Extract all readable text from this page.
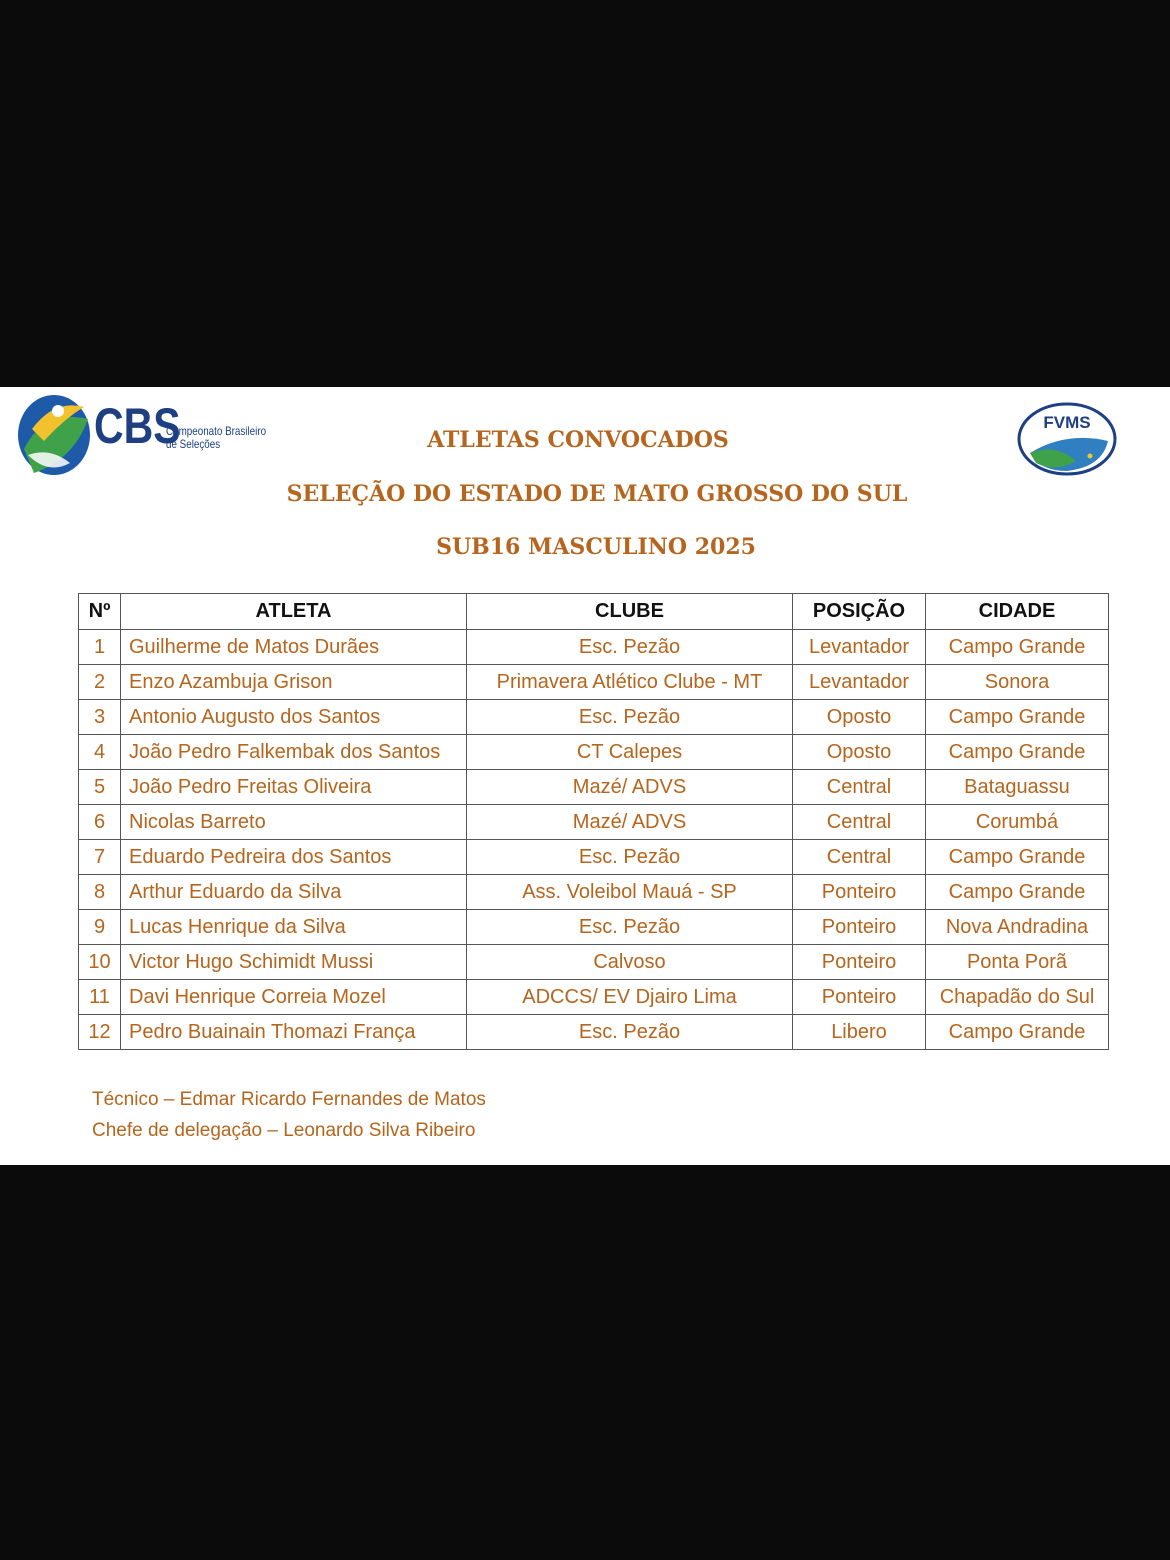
CBS
Campeonato Brasileiro
de Seleções
FVMS
ATLETAS CONVOCADOS
SELEÇÃO DO ESTADO DE MATO GROSSO DO SUL
SUB16 MASCULINO 2025
Nº	ATLETA	CLUBE	POSIÇÃO	CIDADE
1	Guilherme de Matos Durães	Esc. Pezão	Levantador	Campo Grande
2	Enzo Azambuja Grison	Primavera Atlético Clube - MT	Levantador	Sonora
3	Antonio Augusto dos Santos	Esc. Pezão	Oposto	Campo Grande
4	João Pedro Falkembak dos Santos	CT Calepes	Oposto	Campo Grande
5	João Pedro Freitas Oliveira	Mazé/ ADVS	Central	Bataguassu
6	Nicolas Barreto	Mazé/ ADVS	Central	Corumbá
7	Eduardo Pedreira dos Santos	Esc. Pezão	Central	Campo Grande
8	Arthur Eduardo da Silva	Ass. Voleibol Mauá - SP	Ponteiro	Campo Grande
9	Lucas Henrique da Silva	Esc. Pezão	Ponteiro	Nova Andradina
10	Victor Hugo Schimidt Mussi	Calvoso	Ponteiro	Ponta Porã
11	Davi Henrique Correia Mozel	ADCCS/ EV Djairo Lima	Ponteiro	Chapadão do Sul
12	Pedro Buainain Thomazi França	Esc. Pezão	Libero	Campo Grande
Técnico – Edmar Ricardo Fernandes de Matos
Chefe de delegação – Leonardo Silva Ribeiro
